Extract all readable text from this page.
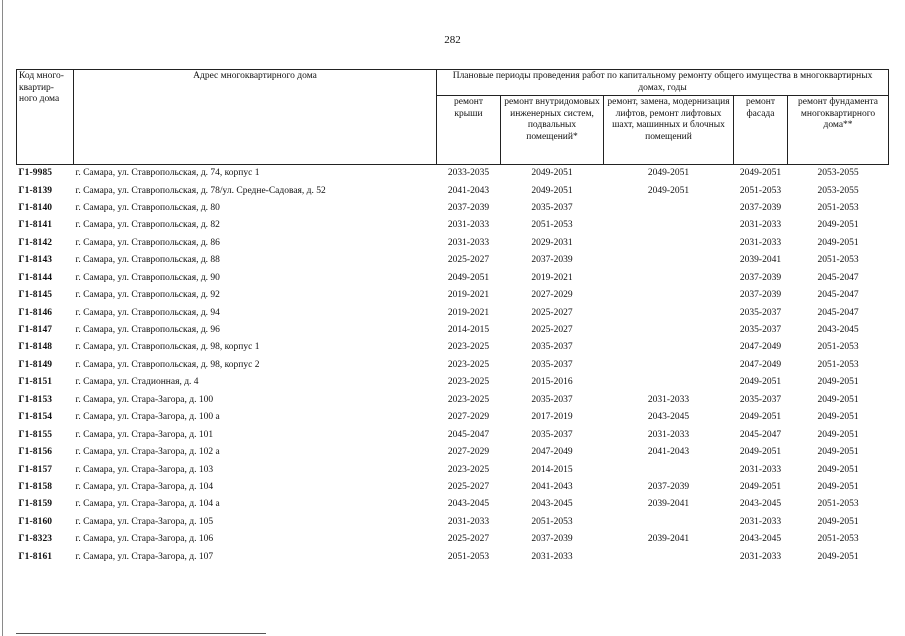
282
Код много-квартир-ного дома	Адрес многоквартирного дома	Плановые периоды проведения работ по капитальному ремонту общего имущества в многоквартирных домах, годы				
		ремонт крыши	ремонт внутридомовых инженерных систем, подвальных помещений*	ремонт, замена, модернизация лифтов, ремонт лифтовых шахт, машинных и блочных помещений	ремонт фасада	ремонт фундамента многоквартирного дома**
Г1-9985	г. Самара, ул. Ставропольская, д. 74, корпус 1	2033-2035	2049-2051	2049-2051	2049-2051	2053-2055
Г1-8139	г. Самара, ул. Ставропольская, д. 78/ул. Средне-Садовая, д. 52	2041-2043	2049-2051	2049-2051	2051-2053	2053-2055
Г1-8140	г. Самара, ул. Ставропольская, д. 80	2037-2039	2035-2037		2037-2039	2051-2053
Г1-8141	г. Самара, ул. Ставропольская, д. 82	2031-2033	2051-2053		2031-2033	2049-2051
Г1-8142	г. Самара, ул. Ставропольская, д. 86	2031-2033	2029-2031		2031-2033	2049-2051
Г1-8143	г. Самара, ул. Ставропольская, д. 88	2025-2027	2037-2039		2039-2041	2051-2053
Г1-8144	г. Самара, ул. Ставропольская, д. 90	2049-2051	2019-2021		2037-2039	2045-2047
Г1-8145	г. Самара, ул. Ставропольская, д. 92	2019-2021	2027-2029		2037-2039	2045-2047
Г1-8146	г. Самара, ул. Ставропольская, д. 94	2019-2021	2025-2027		2035-2037	2045-2047
Г1-8147	г. Самара, ул. Ставропольская, д. 96	2014-2015	2025-2027		2035-2037	2043-2045
Г1-8148	г. Самара, ул. Ставропольская, д. 98, корпус 1	2023-2025	2035-2037		2047-2049	2051-2053
Г1-8149	г. Самара, ул. Ставропольская, д. 98, корпус 2	2023-2025	2035-2037		2047-2049	2051-2053
Г1-8151	г. Самара, ул. Стадионная, д. 4	2023-2025	2015-2016		2049-2051	2049-2051
Г1-8153	г. Самара, ул. Стара-Загора, д. 100	2023-2025	2035-2037	2031-2033	2035-2037	2049-2051
Г1-8154	г. Самара, ул. Стара-Загора, д. 100 а	2027-2029	2017-2019	2043-2045	2049-2051	2049-2051
Г1-8155	г. Самара, ул. Стара-Загора, д. 101	2045-2047	2035-2037	2031-2033	2045-2047	2049-2051
Г1-8156	г. Самара, ул. Стара-Загора, д. 102 а	2027-2029	2047-2049	2041-2043	2049-2051	2049-2051
Г1-8157	г. Самара, ул. Стара-Загора, д. 103	2023-2025	2014-2015		2031-2033	2049-2051
Г1-8158	г. Самара, ул. Стара-Загора, д. 104	2025-2027	2041-2043	2037-2039	2049-2051	2049-2051
Г1-8159	г. Самара, ул. Стара-Загора, д. 104 а	2043-2045	2043-2045	2039-2041	2043-2045	2051-2053
Г1-8160	г. Самара, ул. Стара-Загора, д. 105	2031-2033	2051-2053		2031-2033	2049-2051
Г1-8323	г. Самара, ул. Стара-Загора, д. 106	2025-2027	2037-2039	2039-2041	2043-2045	2051-2053
Г1-8161	г. Самара, ул. Стара-Загора, д. 107	2051-2053	2031-2033		2031-2033	2049-2051
